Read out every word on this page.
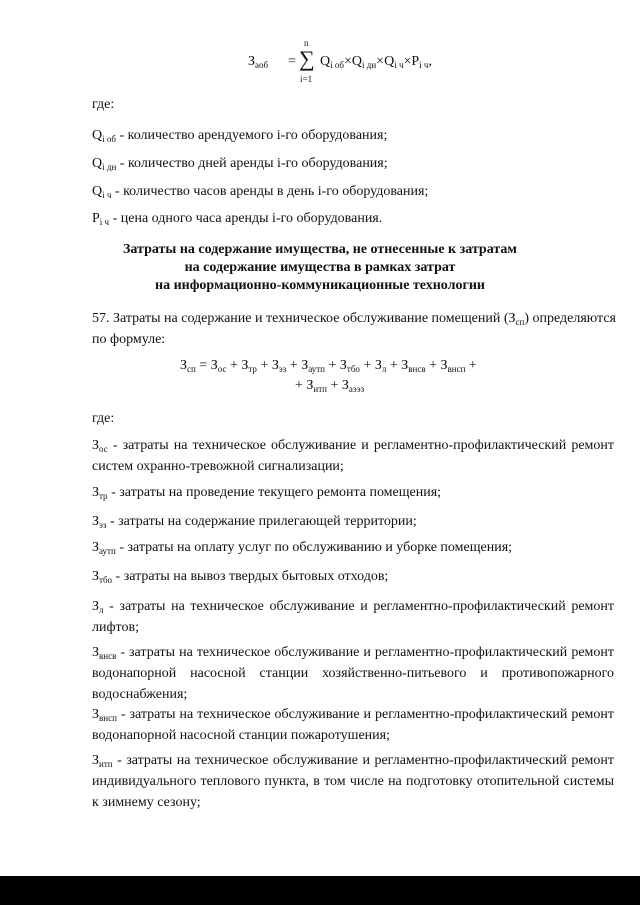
$З_{аоб}$ =
n
∑
i=1
$Q_{i об}\times Q_{i дн}\times Q_{i ч}\times P_{i ч}$,
где:
$Q_{i об}$ - количество арендуемого i-го оборудования;
$Q_{i дн}$ - количество дней аренды i-го оборудования;
$Q_{i ч}$ - количество часов аренды в день i-го оборудования;
$P_{i ч}$ - цена одного часа аренды i-го оборудования.
Затраты на содержание имущества, не отнесенные к затратам
на содержание имущества в рамках затрат
на информационно-коммуникационные технологии
57. Затраты на содержание и техническое обслуживание помещений $(З_{сп})$ определяются по формуле:
$З_{сп} = З_{ос} + З_{тр} + З_{эз} + З_{аутп} + З_{тбо} + З_л + З_{внсв} + З_{внсп}$ +
+ $З_{итп} + З_{аээз}$
где:
$З_{ос}$ - затраты на техническое обслуживание и регламентно-профилактический ремонт систем охранно-тревожной сигнализации;
$З_{тр}$ - затраты на проведение текущего ремонта помещения;
$З_{эз}$ - затраты на содержание прилегающей территории;
$З_{аутп}$ - затраты на оплату услуг по обслуживанию и уборке помещения;
$З_{тбо}$ - затраты на вывоз твердых бытовых отходов;
$З_л$ - затраты на техническое обслуживание и регламентно-профилактический ремонт лифтов;
$З_{внсв}$ - затраты на техническое обслуживание и регламентно-профилактический ремонт водонапорной насосной станции хозяйственно-питьевого и противопожарного водоснабжения;
$З_{внсп}$ - затраты на техническое обслуживание и регламентно-профилактический ремонт водонапорной насосной станции пожаротушения;
$З_{итп}$ - затраты на техническое обслуживание и регламентно-профилактический ремонт индивидуального теплового пункта, в том числе на подготовку отопительной системы к зимнему сезону;
